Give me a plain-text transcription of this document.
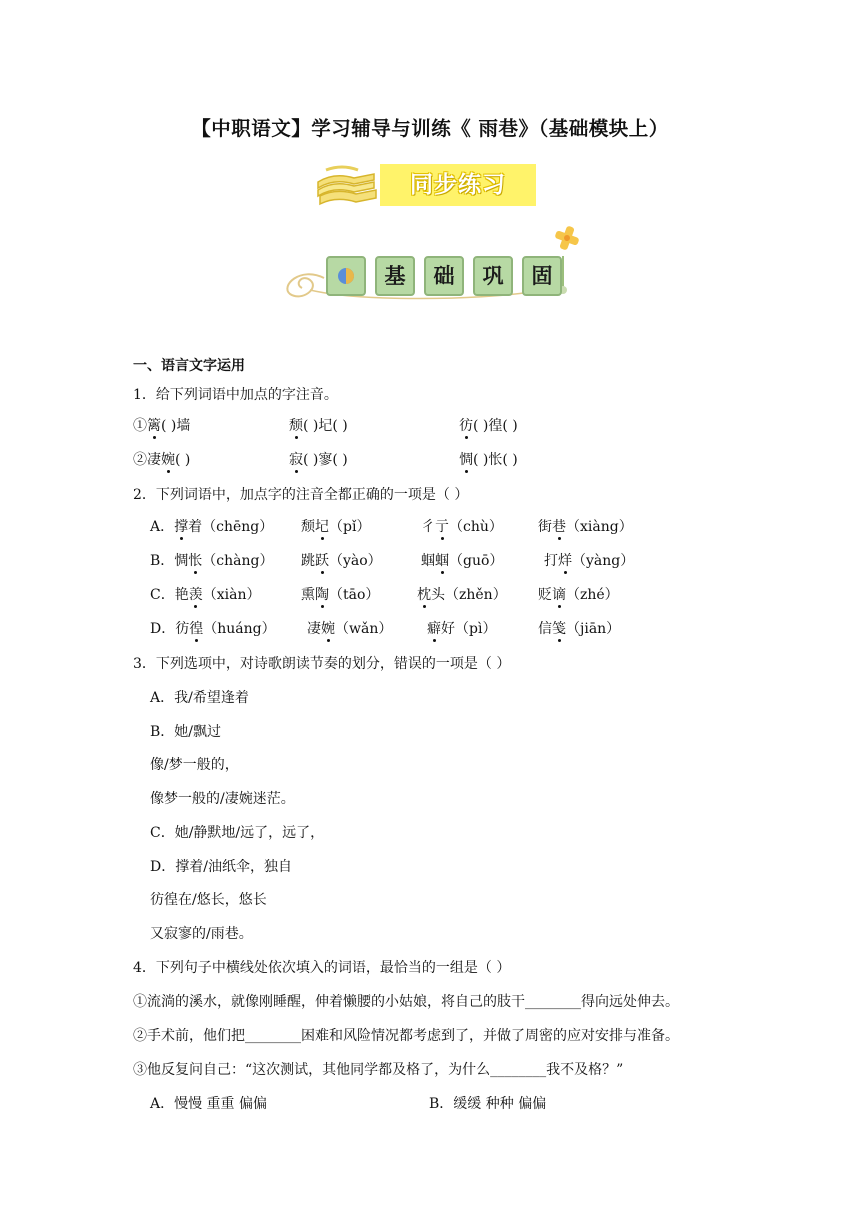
【中职语文】学习辅导与训练《 雨巷》（基础模块上）
同步练习
基	础	巩	固
一、语言文字运用
1．给下列词语中加点的字注音。
①篱( )墙	颓( )圮( )	彷( )徨( )
②凄婉( )	寂( )寥( )	惆( )怅( )
2．下列词语中，加点字的注音全都正确的一项是（ ）
A．撑着（chēng） 颓圮（pǐ）	彳亍（chù）	街巷（xiàng）
B．惆怅（chàng） 跳跃（yào）	蝈蝈（guō）	打烊（yàng）
C．艳羡（xiàn）	熏陶（tāo）	枕头（zhěn） 贬谪（zhé）
D．彷徨（huáng） 凄婉（wǎn） 癖好（pì）	信笺（jiān）
3．下列选项中，对诗歌朗读节奏的划分，错误的一项是（ ）
A．我/希望逢着
B．她/飘过
像/梦一般的，
像梦一般的/凄婉迷茫。
C．她/静默地/远了，远了，
D．撑着/油纸伞，独自
彷徨在/悠长，悠长
又寂寥的/雨巷。
4．下列句子中横线处依次填入的词语，最恰当的一组是（ ）
①流淌的溪水，就像刚睡醒，伸着懒腰的小姑娘，将自己的肢干________得向远处伸去。
②手术前，他们把________困难和风险情况都考虑到了，并做了周密的应对安排与准备。
③他反复问自己：“这次测试，其他同学都及格了，为什么________我不及格？”
A．慢慢 重重 偏偏	B．缓缓 种种 偏偏
